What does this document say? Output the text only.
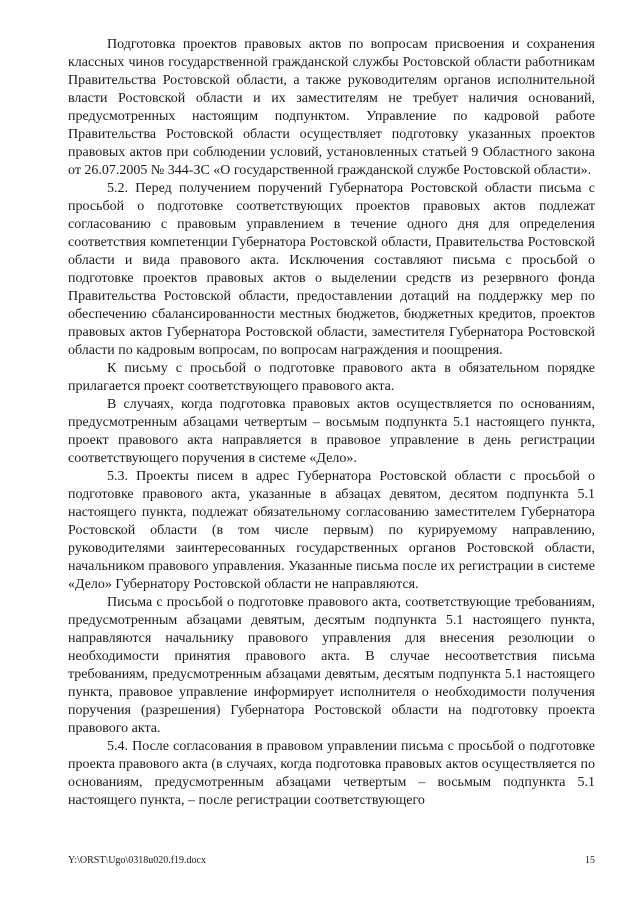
Подготовка проектов правовых актов по вопросам присвоения и сохранения классных чинов государственной гражданской службы Ростовской области работникам Правительства Ростовской области, а также руководителям органов исполнительной власти Ростовской области и их заместителям не требует наличия оснований, предусмотренных настоящим подпунктом. Управление по кадровой работе Правительства Ростовской области осуществляет подготовку указанных проектов правовых актов при соблюдении условий, установленных статьей 9 Областного закона от 26.07.2005 № 344-ЗС «О государственной гражданской службе Ростовской области».

5.2. Перед получением поручений Губернатора Ростовской области письма с просьбой о подготовке соответствующих проектов правовых актов подлежат согласованию с правовым управлением в течение одного дня для определения соответствия компетенции Губернатора Ростовской области, Правительства Ростовской области и вида правового акта. Исключения составляют письма с просьбой о подготовке проектов правовых актов о выделении средств из резервного фонда Правительства Ростовской области, предоставлении дотаций на поддержку мер по обеспечению сбалансированности местных бюджетов, бюджетных кредитов, проектов правовых актов Губернатора Ростовской области, заместителя Губернатора Ростовской области по кадровым вопросам, по вопросам награждения и поощрения.

К письму с просьбой о подготовке правового акта в обязательном порядке прилагается проект соответствующего правового акта.

В случаях, когда подготовка правовых актов осуществляется по основаниям, предусмотренным абзацами четвертым – восьмым подпункта 5.1 настоящего пункта, проект правового акта направляется в правовое управление в день регистрации соответствующего поручения в системе «Дело».

5.3. Проекты писем в адрес Губернатора Ростовской области с просьбой о подготовке правового акта, указанные в абзацах девятом, десятом подпункта 5.1 настоящего пункта, подлежат обязательному согласованию заместителем Губернатора Ростовской области (в том числе первым) по курируемому направлению, руководителями заинтересованных государственных органов Ростовской области, начальником правового управления. Указанные письма после их регистрации в системе «Дело» Губернатору Ростовской области не направляются.

Письма с просьбой о подготовке правового акта, соответствующие требованиям, предусмотренным абзацами девятым, десятым подпункта 5.1 настоящего пункта, направляются начальнику правового управления для внесения резолюции о необходимости принятия правового акта. В случае несоответствия письма требованиям, предусмотренным абзацами девятым, десятым подпункта 5.1 настоящего пункта, правовое управление информирует исполнителя о необходимости получения поручения (разрешения) Губернатора Ростовской области на подготовку проекта правового акта.

5.4. После согласования в правовом управлении письма с просьбой о подготовке проекта правового акта (в случаях, когда подготовка правовых актов осуществляется по основаниям, предусмотренным абзацами четвертым – восьмым подпункта 5.1 настоящего пункта, – после регистрации соответствующего

Y:\ORST\Ugo\0318u020.f19.docx	15
